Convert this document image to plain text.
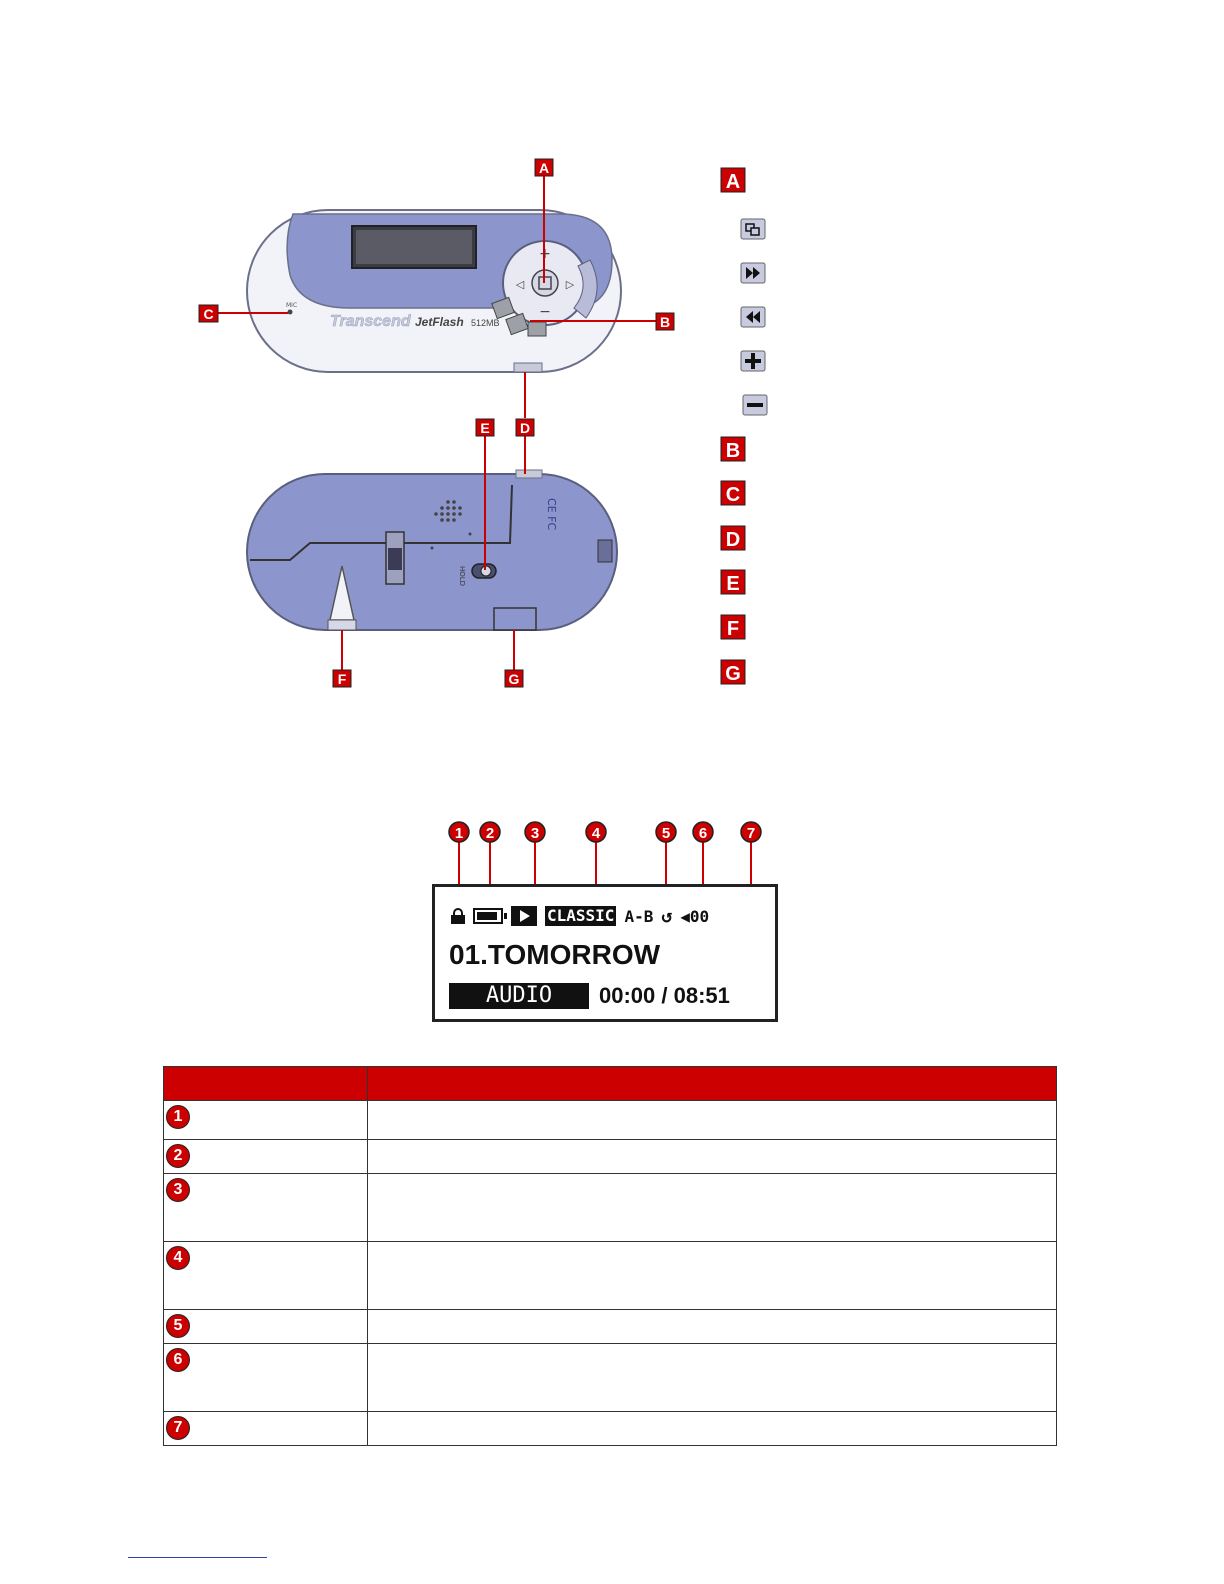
+
−
◁	▷
MIC
Transcend JetFlash 512MB
HOLD
CE FC
A
B
C
D
E
F	G
A
B
C
D
E
F
G
1 2 3	4	5 6	7
CLASSIC A-B ↺ ◀00
01.TOMORROW
AUDIO	00:00 / 08:51

1	
2	
3	
4	
5	
6	
7	
